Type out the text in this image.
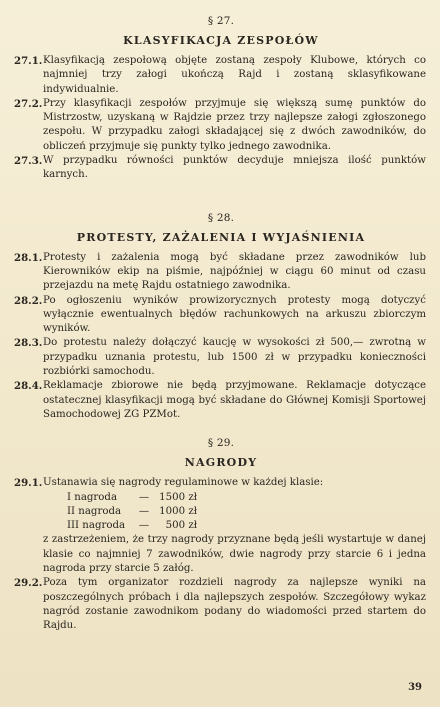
§ 27.
KLASYFIKACJA ZESPOŁÓW
27.1. Klasyfikacją zespołową objęte zostaną zespoły Klubowe, których co najmniej trzy załogi ukończą Rajd i zostaną sklasyfikowane indywidualnie.
27.2. Przy klasyfikacji zespołów przyjmuje się większą sumę punktów do Mistrzostw, uzyskaną w Rajdzie przez trzy najlepsze załogi zgłoszonego zespołu. W przypadku załogi składającej się z dwóch zawodników, do obliczeń przyjmuje się punkty tylko jednego zawodnika.
27.3. W przypadku równości punktów decyduje mniejsza ilość punktów karnych.
§ 28.
PROTESTY, ZAŻALENIA I WYJAŚNIENIA
28.1. Protesty i zażalenia mogą być składane przez zawodników lub Kierowników ekip na piśmie, najpóźniej w ciągu 60 minut od czasu przejazdu na metę Rajdu ostatniego zawodnika.
28.2. Po ogłoszeniu wyników prowizorycznych protesty mogą dotyczyć wyłącznie ewentualnych błędów rachunkowych na arkuszu zbiorczym wyników.
28.3. Do protestu należy dołączyć kaucję w wysokości zł 500,— zwrotną w przypadku uznania protestu, lub 1500 zł w przypadku konieczności rozbiórki samochodu.
28.4. Reklamacje zbiorowe nie będą przyjmowane. Reklamacje dotyczące ostatecznej klasyfikacji mogą być składane do Głównej Komisji Sportowej Samochodowej ZG PZMot.
§ 29.
NAGRODY
29.1. Ustanawia się nagrody regulaminowe w każdej klasie:
I nagroda	— 1500 zł
II nagroda	— 1000 zł
III nagroda	—	500 zł
z zastrzeżeniem, że trzy nagrody przyznane będą jeśli wystartuje w danej klasie co najmniej 7 zawodników, dwie nagrody przy starcie 6 i jedna nagroda przy starcie 5 załóg.
29.2. Poza tym organizator rozdzieli nagrody za najlepsze wyniki na poszczególnych próbach i dla najlepszych zespołów. Szczegółowy wykaz nagród zostanie zawodnikom podany do wiadomości przed startem do Rajdu.
39
